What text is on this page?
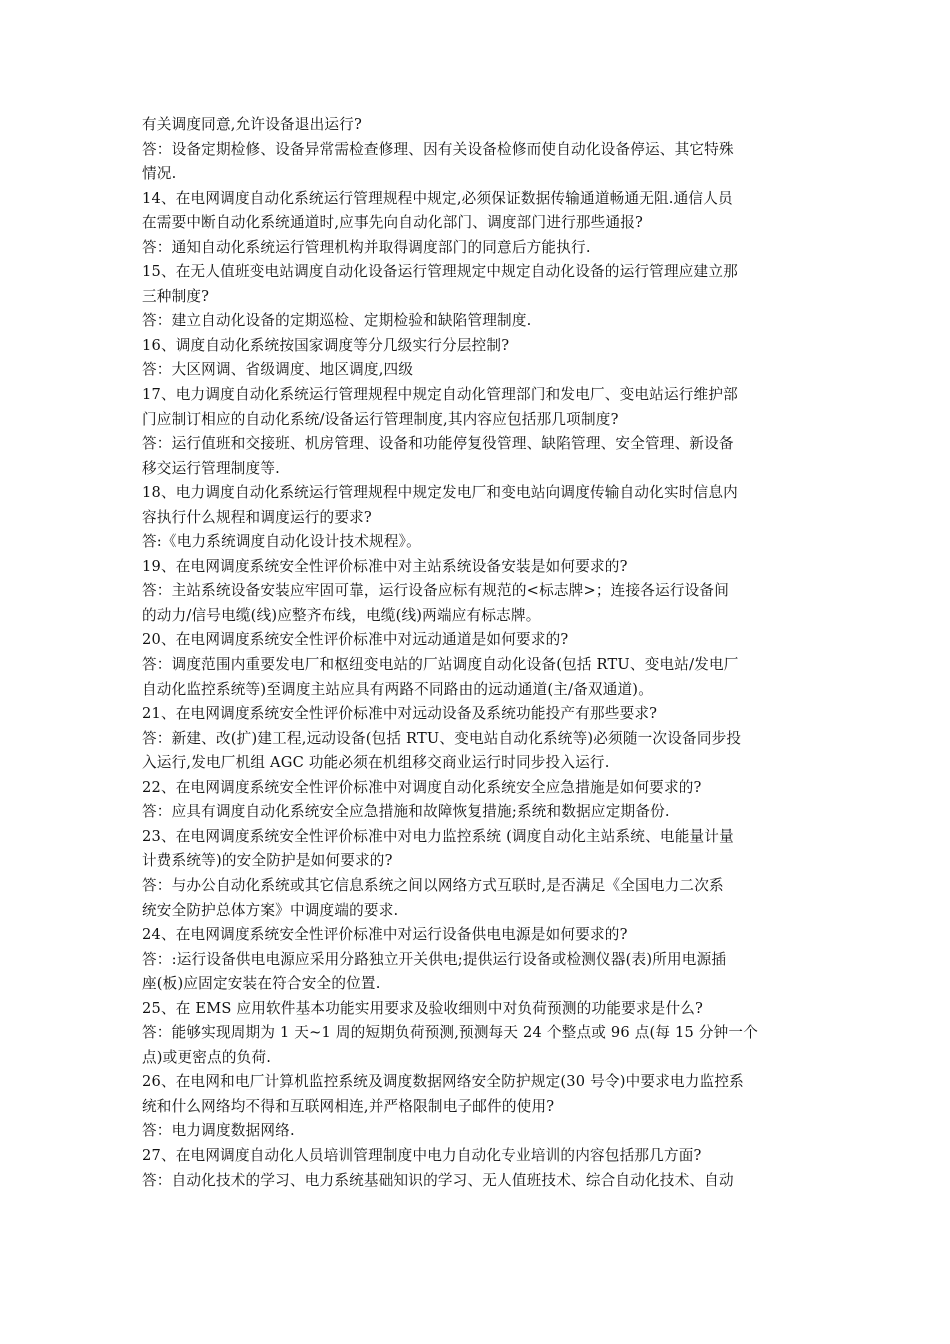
有关调度同意,允许设备退出运行?
答：设备定期检修、设备异常需检查修理、因有关设备检修而使自动化设备停运、其它特殊
情况.
14、在电网调度自动化系统运行管理规程中规定,必须保证数据传输通道畅通无阻.通信人员
在需要中断自动化系统通道时,应事先向自动化部门、调度部门进行那些通报?
答：通知自动化系统运行管理机构并取得调度部门的同意后方能执行.
15、在无人值班变电站调度自动化设备运行管理规定中规定自动化设备的运行管理应建立那
三种制度?
答：建立自动化设备的定期巡检、定期检验和缺陷管理制度.
16、调度自动化系统按国家调度等分几级实行分层控制?
答：大区网调、省级调度、地区调度,四级
17、电力调度自动化系统运行管理规程中规定自动化管理部门和发电厂、变电站运行维护部
门应制订相应的自动化系统/设备运行管理制度,其内容应包括那几项制度?
答：运行值班和交接班、机房管理、设备和功能停复役管理、缺陷管理、安全管理、新设备
移交运行管理制度等.
18、电力调度自动化系统运行管理规程中规定发电厂和变电站向调度传输自动化实时信息内
容执行什么规程和调度运行的要求?
答:《电力系统调度自动化设计技术规程》。
19、在电网调度系统安全性评价标准中对主站系统设备安装是如何要求的?
答：主站系统设备安装应牢固可靠，运行设备应标有规范的<标志牌>；连接各运行设备间
的动力/信号电缆(线)应整齐布线，电缆(线)两端应有标志牌。
20、在电网调度系统安全性评价标准中对远动通道是如何要求的?
答：调度范围内重要发电厂和枢纽变电站的厂站调度自动化设备(包括 RTU、变电站/发电厂
自动化监控系统等)至调度主站应具有两路不同路由的远动通道(主/备双通道)。
21、在电网调度系统安全性评价标准中对远动设备及系统功能投产有那些要求?
答：新建、改(扩)建工程,远动设备(包括 RTU、变电站自动化系统等)必须随一次设备同步投
入运行,发电厂机组 AGC 功能必须在机组移交商业运行时同步投入运行.
22、在电网调度系统安全性评价标准中对调度自动化系统安全应急措施是如何要求的?
答：应具有调度自动化系统安全应急措施和故障恢复措施;系统和数据应定期备份.
23、在电网调度系统安全性评价标准中对电力监控系统 (调度自动化主站系统、电能量计量
计费系统等)的安全防护是如何要求的?
答：与办公自动化系统或其它信息系统之间以网络方式互联时,是否满足《全国电力二次系
统安全防护总体方案》中调度端的要求.
24、在电网调度系统安全性评价标准中对运行设备供电电源是如何要求的?
答：:运行设备供电电源应采用分路独立开关供电;提供运行设备或检测仪器(表)所用电源插
座(板)应固定安装在符合安全的位置.
25、在 EMS 应用软件基本功能实用要求及验收细则中对负荷预测的功能要求是什么?
答：能够实现周期为 1 天~1 周的短期负荷预测,预测每天 24 个整点或 96 点(每 15 分钟一个
点)或更密点的负荷.
26、在电网和电厂计算机监控系统及调度数据网络安全防护规定(30 号令)中要求电力监控系
统和什么网络均不得和互联网相连,并严格限制电子邮件的使用?
答：电力调度数据网络.
27、在电网调度自动化人员培训管理制度中电力自动化专业培训的内容包括那几方面?
答：自动化技术的学习、电力系统基础知识的学习、无人值班技术、综合自动化技术、自动
